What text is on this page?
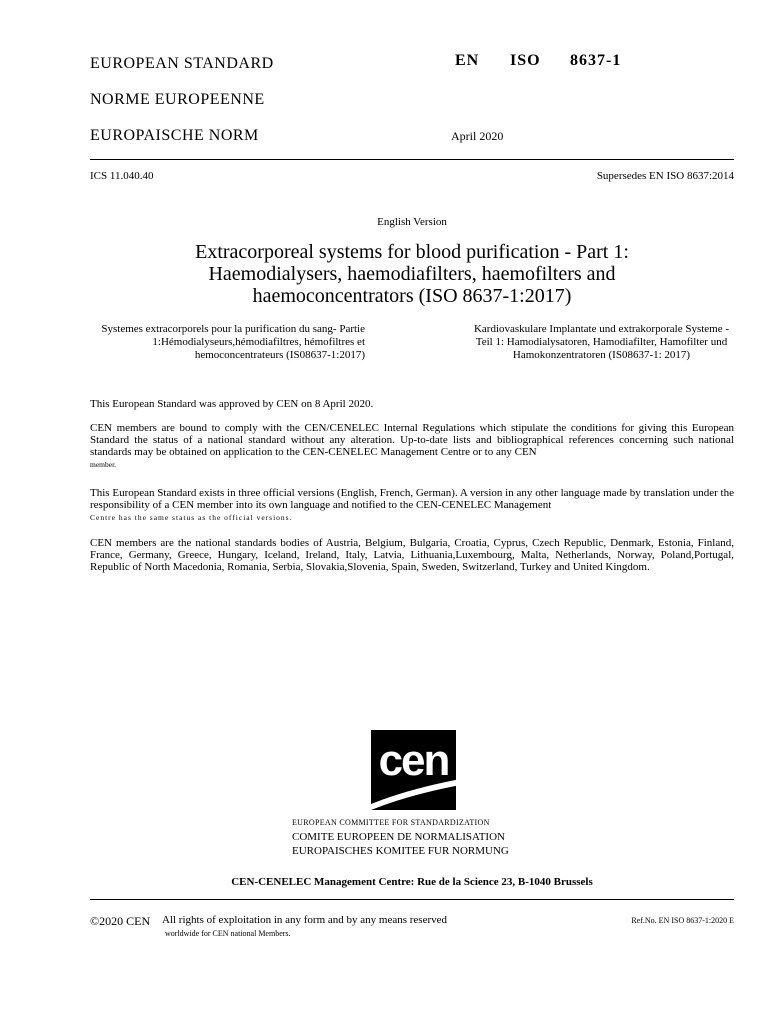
EUROPEAN STANDARD
NORME EUROPEENNE
EUROPAISCHE NORM
EN ISO 8637-1
April 2020
ICS 11.040.40	Supersedes EN ISO 8637:2014
English Version
Extracorporeal systems for blood purification - Part 1:
Haemodialysers, haemodiafilters, haemofilters and
haemoconcentrators (ISO 8637-1:2017)
Systemes extracorporels pour la purification du sang- Partie 1:Hémodialyseurs,hémodiafiltres, hémofiltres et hemoconcentrateurs (IS08637-1:2017)
Kardiovaskulare Implantate und extrakorporale Systeme -Teil 1: Hamodialysatoren, Hamodiafilter, Hamofilter und Hamokonzentratoren (IS08637-1: 2017)
This European Standard was approved by CEN on 8 April 2020.
CEN members are bound to comply with the CEN/CENELEC Internal Regulations which stipulate the conditions for giving this European Standard the status of a national standard without any alteration. Up-to-date lists and bibliographical references concerning such national standards may be obtained on application to the CEN-CENELEC Management Centre or to any CEN
member.
This European Standard exists in three official versions (English, French, German). A version in any other language made by translation under the responsibility of a CEN member into its own language and notified to the CEN-CENELEC Management
Centre has the same status as the official versions.
CEN members are the national standards bodies of Austria, Belgium, Bulgaria, Croatia, Cyprus, Czech Republic, Denmark, Estonia, Finland, France, Germany, Greece, Hungary, Iceland, Ireland, Italy, Latvia, Lithuania,Luxembourg, Malta, Netherlands, Norway, Poland,Portugal, Republic of North Macedonia, Romania, Serbia, Slovakia,Slovenia, Spain, Sweden, Switzerland, Turkey and United Kingdom.
cen
EUROPEAN COMMITTEE FOR STANDARDIZATION
COMITE EUROPEEN DE NORMALISATION
EUROPAISCHES KOMITEE FUR NORMUNG
CEN-CENELEC Management Centre: Rue de la Science 23, B-1040 Brussels
©2020 CEN All rights of exploitation in any form and by any means reserved
worldwide for CEN national Members.
Ref.No. EN ISO 8637-1:2020 E
